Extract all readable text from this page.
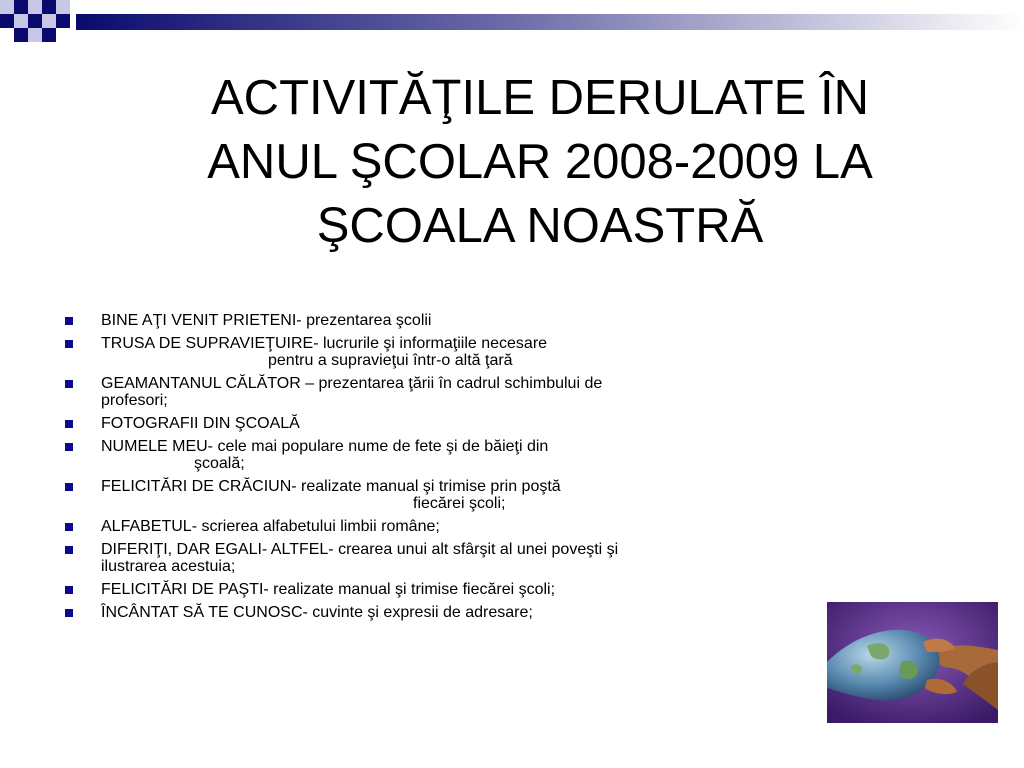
ACTIVITĂŢILE DERULATE ÎN
ANUL ŞCOLAR 2008-2009 LA
ŞCOALA NOASTRĂ
BINE AŢI VENIT PRIETENI- prezentarea şcolii
TRUSA DE SUPRAVIEŢUIRE- lucrurile şi informaţiile necesare
pentru a supravieţui într-o altă ţară
GEAMANTANUL CĂLĂTOR – prezentarea ţării în cadrul schimbului de
profesori;
FOTOGRAFII DIN ŞCOALĂ
NUMELE MEU- cele mai populare nume de fete şi de băieţi din
şcoală;
FELICITĂRI DE CRĂCIUN- realizate manual şi trimise prin poştă
fiecărei şcoli;
ALFABETUL- scrierea alfabetului limbii române;
DIFERIŢI, DAR EGALI- ALTFEL- crearea unui alt sfârşit al unei poveşti şi
ilustrarea acestuia;
FELICITĂRI DE PAŞTI- realizate manual şi trimise fiecărei şcoli;
ÎNCÂNTAT SĂ TE CUNOSC- cuvinte şi expresii de adresare;
